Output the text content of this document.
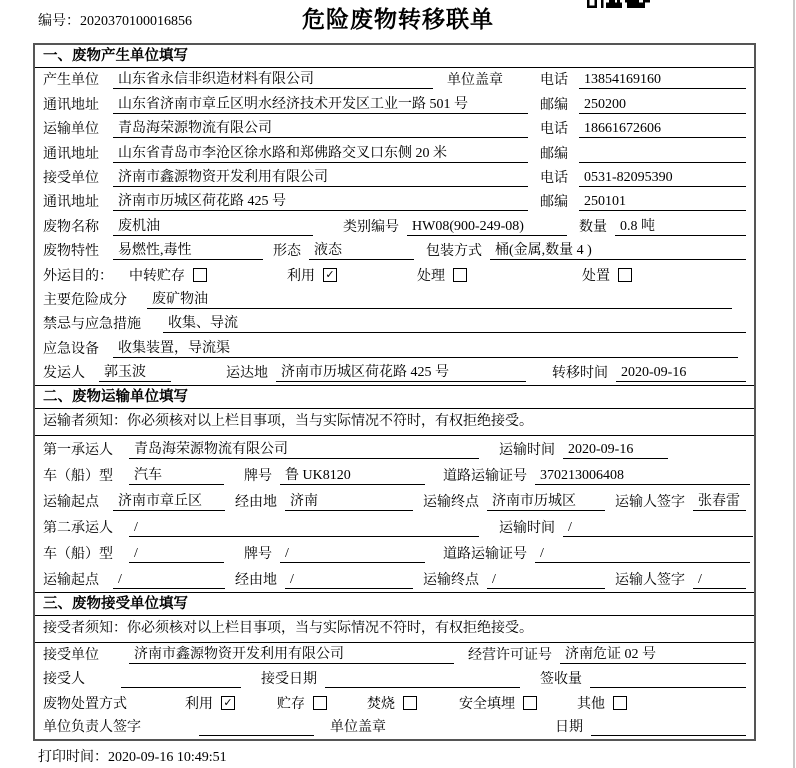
编号：2020370100016856	危险废物转移联单
一、废物产生单位填写
产生单位	山东省永信非织造材料有限公司	单位盖章	电话	13854169160
通讯地址	山东省济南市章丘区明水经济技术开发区工业一路 501 号	邮编	250200
运输单位	青岛海荣源物流有限公司	电话	18661672606
通讯地址	山东省青岛市李沧区徐水路和郑佛路交叉口东侧 20 米	邮编
接受单位	济南市鑫源物资开发利用有限公司	电话	0531-82095390
通讯地址	济南市历城区荷花路 425 号	邮编	250101
废物名称	废机油	类别编号 HW08(900-249-08)	数量 0.8 吨
废物特性	易燃性,毒性	形态 液态	包装方式 桶(金属,数量 4 )
外运目的：	中转贮存	利用 ✓	处理	处置
主要危险成分	废矿物油
禁忌与应急措施	收集、导流
应急设备	收集装置，导流渠
发运人	郭玉波	运达地 济南市历城区荷花路 425 号	转移时间 2020-09-16
二、废物运输单位填写
运输者须知：你必须核对以上栏目事项，当与实际情况不符时，有权拒绝接受。
第一承运人	青岛海荣源物流有限公司	运输时间 2020-09-16
车（船）型	汽车	牌号 鲁 UK8120	道路运输证号 370213006408
运输起点	济南市章丘区	经由地 济南	运输终点 济南市历城区	运输人签字 张春雷
第二承运人	/	运输时间 /
车（船）型	/	牌号 /	道路运输证号 /
运输起点	/	经由地 /	运输终点 /	运输人签字 /
三、废物接受单位填写
接受者须知：你必须核对以上栏目事项，当与实际情况不符时，有权拒绝接受。
接受单位	济南市鑫源物资开发利用有限公司	经营许可证号 济南危证 02 号
接受人	接受日期	签收量
废物处置方式	利用 ✓	贮存	焚烧	安全填埋	其他
单位负责人签字	单位盖章	日期
打印时间：2020-09-16 10:49:51
